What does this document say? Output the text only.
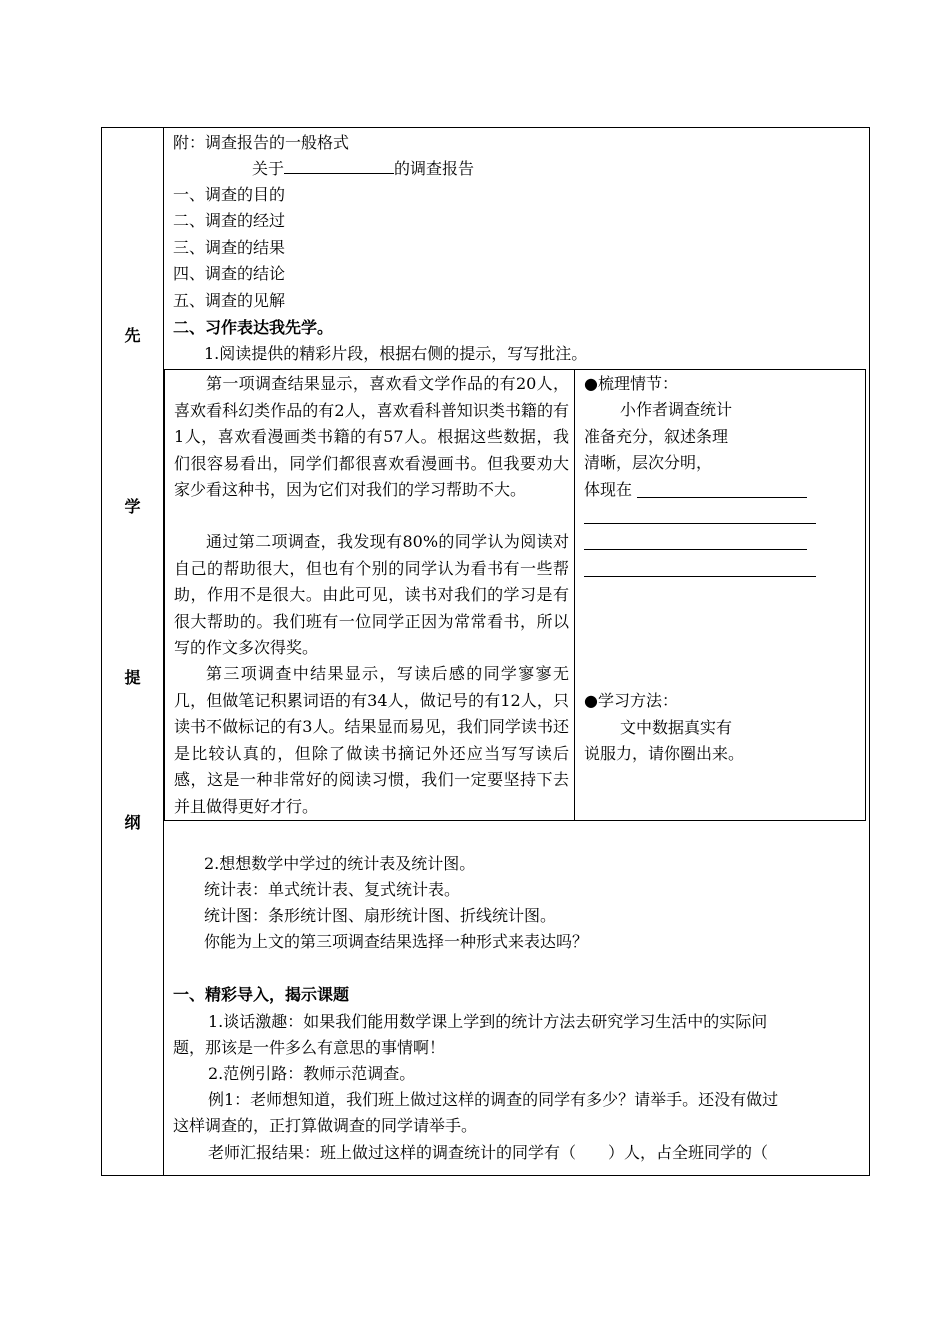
先
学
提
纲
附：调查报告的一般格式
关于	的调查报告
一、调查的目的
二、调查的经过
三、调查的结果
四、调查的结论
五、调查的见解
二、习作表达我先学。
1.阅读提供的精彩片段，根据右侧的提示，写写批注。
2.想想数学中学过的统计表及统计图。
统计表：单式统计表、复式统计表。
统计图：条形统计图、扇形统计图、折线统计图。
你能为上文的第三项调查结果选择一种形式来表达吗？
一、精彩导入，揭示课题
1.谈话激趣：如果我们能用数学课上学到的统计方法去研究学习生活中的实际问
题，那该是一件多么有意思的事情啊！
2.范例引路：教师示范调查。
例1：老师想知道，我们班上做过这样的调查的同学有多少？请举手。还没有做过
这样调查的，正打算做调查的同学请举手。
老师汇报结果：班上做过这样的调查统计的同学有（　　）人，占全班同学的（
第一项调查结果显示，喜欢看文学作品的有20人，喜欢看科幻类作品的有2人，喜欢看科普知识类书籍的有1人，喜欢看漫画类书籍的有57人。根据这些数据，我们很容易看出，同学们都很喜欢看漫画书。但我要劝大家少看这种书，因为它们对我们的学习帮助不大。
通过第二项调查，我发现有80%的同学认为阅读对自己的帮助很大，但也有个别的同学认为看书有一些帮助，作用不是很大。由此可见，读书对我们的学习是有很大帮助的。我们班有一位同学正因为常常看书，所以写的作文多次得奖。
第三项调查中结果显示，写读后感的同学寥寥无几，但做笔记积累词语的有34人，做记号的有12人，只读书不做标记的有3人。结果显而易见，我们同学读书还是比较认真的，但除了做读书摘记外还应当写写读后感，这是一种非常好的阅读习惯，我们一定要坚持下去并且做得更好才行。
●梳理情节：
小作者调查统计
准备充分，叙述条理
清晰，层次分明，
体现在
●学习方法：
文中数据真实有
说服力，请你圈出来。
